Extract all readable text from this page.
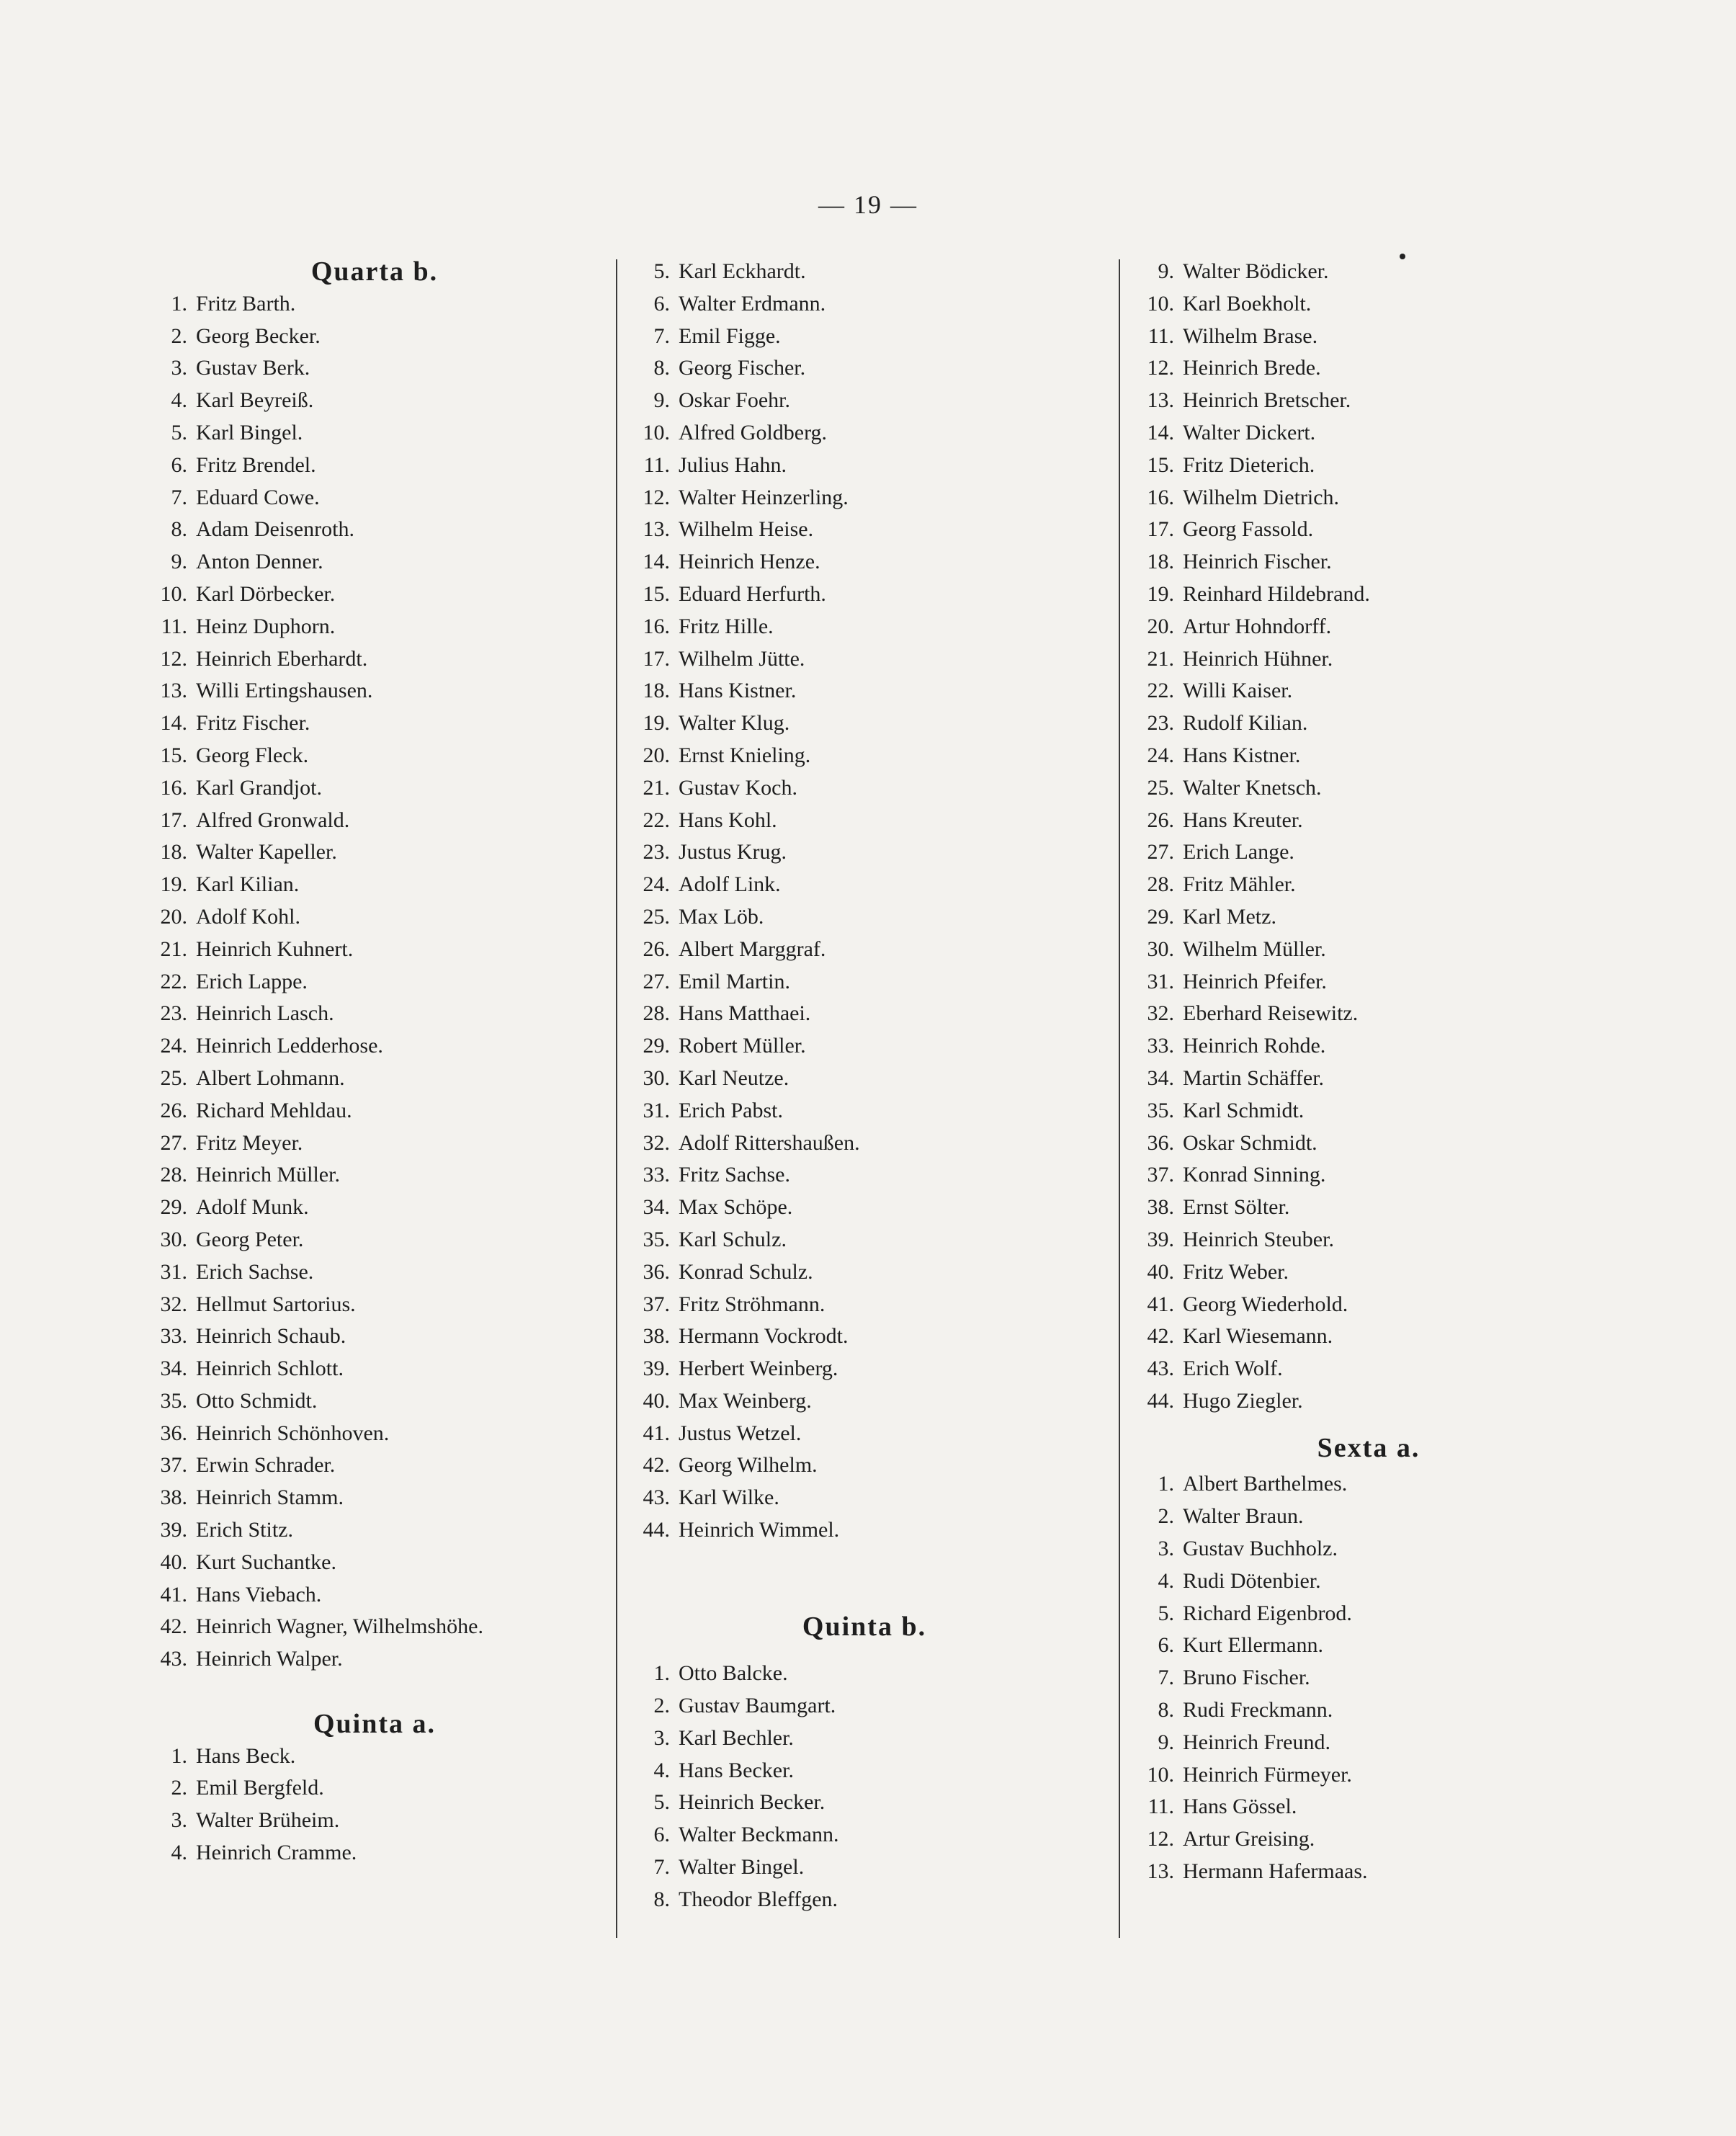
— 19 —
Quarta b.
1. Fritz Barth.
2. Georg Becker.
3. Gustav Berk.
4. Karl Beyreiß.
5. Karl Bingel.
6. Fritz Brendel.
7. Eduard Cowe.
8. Adam Deisenroth.
9. Anton Denner.
10. Karl Dörbecker.
11. Heinz Duphorn.
12. Heinrich Eberhardt.
13. Willi Ertingshausen.
14. Fritz Fischer.
15. Georg Fleck.
16. Karl Grandjot.
17. Alfred Gronwald.
18. Walter Kapeller.
19. Karl Kilian.
20. Adolf Kohl.
21. Heinrich Kuhnert.
22. Erich Lappe.
23. Heinrich Lasch.
24. Heinrich Ledderhose.
25. Albert Lohmann.
26. Richard Mehldau.
27. Fritz Meyer.
28. Heinrich Müller.
29. Adolf Munk.
30. Georg Peter.
31. Erich Sachse.
32. Hellmut Sartorius.
33. Heinrich Schaub.
34. Heinrich Schlott.
35. Otto Schmidt.
36. Heinrich Schönhoven.
37. Erwin Schrader.
38. Heinrich Stamm.
39. Erich Stitz.
40. Kurt Suchantke.
41. Hans Viebach.
42. Heinrich Wagner, Wilhelmshöhe.
43. Heinrich Walper.
Quinta a.
1. Hans Beck.
2. Emil Bergfeld.
3. Walter Brüheim.
4. Heinrich Cramme.
5. Karl Eckhardt.
6. Walter Erdmann.
7. Emil Figge.
8. Georg Fischer.
9. Oskar Foehr.
10. Alfred Goldberg.
11. Julius Hahn.
12. Walter Heinzerling.
13. Wilhelm Heise.
14. Heinrich Henze.
15. Eduard Herfurth.
16. Fritz Hille.
17. Wilhelm Jütte.
18. Hans Kistner.
19. Walter Klug.
20. Ernst Knieling.
21. Gustav Koch.
22. Hans Kohl.
23. Justus Krug.
24. Adolf Link.
25. Max Löb.
26. Albert Marggraf.
27. Emil Martin.
28. Hans Matthaei.
29. Robert Müller.
30. Karl Neutze.
31. Erich Pabst.
32. Adolf Rittershaußen.
33. Fritz Sachse.
34. Max Schöpe.
35. Karl Schulz.
36. Konrad Schulz.
37. Fritz Ströhmann.
38. Hermann Vockrodt.
39. Herbert Weinberg.
40. Max Weinberg.
41. Justus Wetzel.
42. Georg Wilhelm.
43. Karl Wilke.
44. Heinrich Wimmel.
Quinta b.
1. Otto Balcke.
2. Gustav Baumgart.
3. Karl Bechler.
4. Hans Becker.
5. Heinrich Becker.
6. Walter Beckmann.
7. Walter Bingel.
8. Theodor Bleffgen.
9. Walter Bödicker.
10. Karl Boekholt.
11. Wilhelm Brase.
12. Heinrich Brede.
13. Heinrich Bretscher.
14. Walter Dickert.
15. Fritz Dieterich.
16. Wilhelm Dietrich.
17. Georg Fassold.
18. Heinrich Fischer.
19. Reinhard Hildebrand.
20. Artur Hohndorff.
21. Heinrich Hühner.
22. Willi Kaiser.
23. Rudolf Kilian.
24. Hans Kistner.
25. Walter Knetsch.
26. Hans Kreuter.
27. Erich Lange.
28. Fritz Mähler.
29. Karl Metz.
30. Wilhelm Müller.
31. Heinrich Pfeifer.
32. Eberhard Reisewitz.
33. Heinrich Rohde.
34. Martin Schäffer.
35. Karl Schmidt.
36. Oskar Schmidt.
37. Konrad Sinning.
38. Ernst Sölter.
39. Heinrich Steuber.
40. Fritz Weber.
41. Georg Wiederhold.
42. Karl Wiesemann.
43. Erich Wolf.
44. Hugo Ziegler.
Sexta a.
1. Albert Barthelmes.
2. Walter Braun.
3. Gustav Buchholz.
4. Rudi Dötenbier.
5. Richard Eigenbrod.
6. Kurt Ellermann.
7. Bruno Fischer.
8. Rudi Freckmann.
9. Heinrich Freund.
10. Heinrich Fürmeyer.
11. Hans Gössel.
12. Artur Greising.
13. Hermann Hafermaas.
